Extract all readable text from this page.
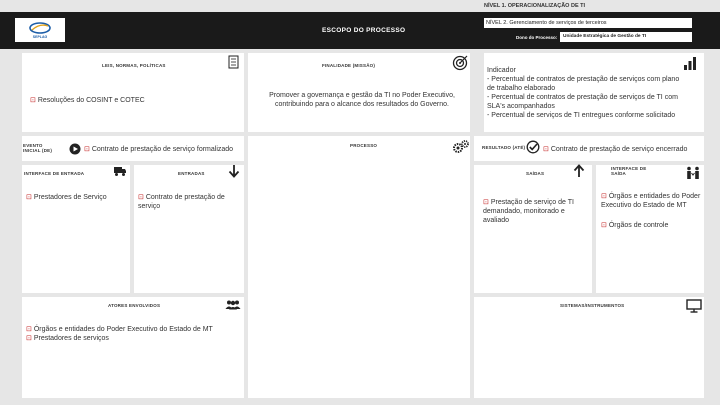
NÍVEL 1. OPERACIONALIZAÇÃO DE TI
SEPLAG
ESCOPO DO PROCESSO
NÍVEL 2. Gerenciamento de serviços de terceiros
Dono do Processo:	Unidade Estratégica de Gestão de TI
LEIS, NORMAS, POLÍTICAS
⊡ Resoluções do COSINT e COTEC
FINALIDADE (MISSÃO)
Promover a governança e gestão da TI no Poder Executivo, contribuindo para o alcance dos resultados do Governo.
Indicador
- Percentual de contratos de prestação de serviços com plano de trabalho elaborado
- Percentual de contratos de prestação de serviços de TI com SLA's acompanhados
- Percentual de serviços de TI entregues conforme solicitado
EVENTO INICIAL (DE)	⊡ Contrato de prestação de serviço formalizado
PROCESSO	RESULTADO (ATÉ)	⊡ Contrato de prestação de serviço encerrado
INTERFACE DE ENTRADA
⊡ Prestadores de Serviço
ENTRADAS
⊡ Contrato de prestação de serviço
SAÍDAS
⊡ Prestação de serviço de TI demandado, monitorado e avaliado
INTERFACE DE SAÍDA
⊡ Órgãos e entidades do Poder Executivo do Estado de MT
⊡ Órgãos de controle
ATORES ENVOLVIDOS
⊡ Órgãos e entidades do Poder Executivo do Estado de MT
⊡ Prestadores de serviços
SISTEMAS/INSTRUMENTOS
